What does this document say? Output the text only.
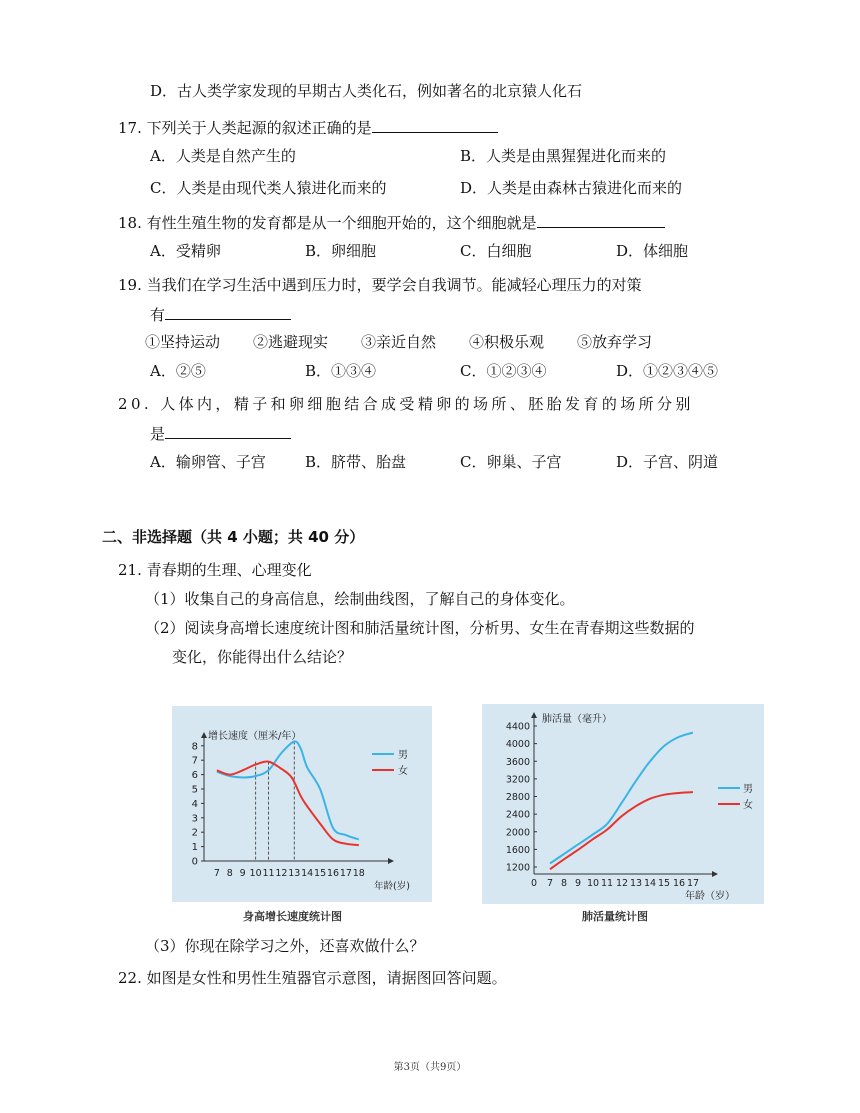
D．古人类学家发现的早期古人类化石，例如著名的北京猿人化石
17. 下列关于人类起源的叙述正确的是
A．人类是自然产生的	B．人类是由黑猩猩进化而来的
C．人类是由现代类人猿进化而来的	D．人类是由森林古猿进化而来的
18. 有性生殖生物的发育都是从一个细胞开始的，这个细胞就是
A．受精卵	B．卵细胞	C．白细胞	D．体细胞
19. 当我们在学习生活中遇到压力时，要学会自我调节。能减轻心理压力的对策
有
①坚持运动 ②逃避现实 ③亲近自然 ④积极乐观 ⑤放弃学习
A．②⑤	B．①③④	C．①②③④	D．①②③④⑤
20. 人体内，精子和卵细胞结合成受精卵的场所、胚胎发育的场所分别
是
A．输卵管、子宫	B．脐带、胎盘	C．卵巢、子宫	D．子宫、阴道
二、非选择题（共 4 小题；共 40 分）
21. 青春期的生理、心理变化
（1）收集自己的身高信息，绘制曲线图，了解自己的身体变化。
（2）阅读身高增长速度统计图和肺活量统计图，分析男、女生在青春期这些数据的
变化，你能得出什么结论？
0
1
2
3
4
5
6
7
8
7 8 9 10 11 12 13 14 15 16 17 18
增长速度（厘米/年）
年龄(岁)
男
女
身高增长速度统计图
1200
1600
2000
2400
2800
3200
3600
4000
4400
0 7 8 9 10 11 12 13 14 15 16 17
肺活量（毫升）
年龄（岁）
男
女
肺活量统计图
（3）你现在除学习之外，还喜欢做什么？
22. 如图是女性和男性生殖器官示意图，请据图回答问题。
第3页（共9页）
